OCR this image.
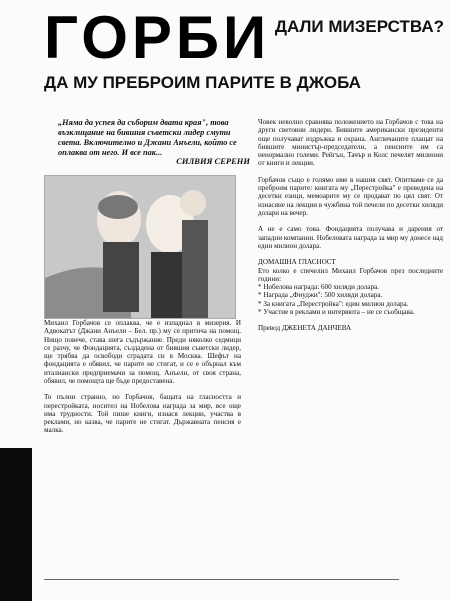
ГОРБИ ДАЛИ МИЗЕРСТВА?
ДА МУ ПРЕБРОИМ ПАРИТЕ В ДЖОБА
„Няма да успея да съборим двата края", това възклицание на бившия съветски лидер смути света. Включително и Джани Анъели, който се оплаква от него. И все пак...
СИЛВИЯ СЕРЕНИ
Михаил Горбачов се оплаква, че е изпаднал в мизерия. И Адвокатът (Джани Анъели – Бел. пр.) му се притича на помощ. Нищо повече, става шега съдържание. Преди няколко седмици се разчу, че Фондацията, създадена от бившия съветски лидер, ще трябва да освободи сградата си в Москва. Шефът на фондацията е обявил, че парите не стигат, и се е обърнал към италиански предприемачи за помощ. Анъели, от своя страна, обявил, че помощта ще бъде предоставена.

То пълни странно, но Горбачов, бащата на гласността и перестройката, носител на Нобелова награда за мир, все още има трудности. Той пише книги, изнася лекции, участва в реклами, но казва, че парите не стигат. Държавната пенсия е малка.
Човек неволно сравнява положението на Горбачов с това на други световни лидери. Бившите американски президенти още получават издръжка и охрана. Англичаните плащат на бившите министър-председатели, а пенсиите им са ненормално големи. Рейгън, Тачър и Колс печелят милиони от книги и лекции.

Горбачов също е голямо име в нашия свят. Опитваме се да преброим парите: книгата му „Перестройка" е преведена на десетки езици, мемоарите му се продават по цял свят. От изнасяне на лекции в чужбина той печели по десетки хиляди долари на вечер.

А не е само това. Фондацията получава и дарения от западни компании. Нобеловата награда за мир му донесе над един милион долара.

ДОМАШНА ГЛАСНОСТ
Ето колко е спечелил Михаил Горбачов през последните години:
* Нобелова награда: 600 хиляди долара.
* Награда „Фиуджи": 500 хиляди долара.
* За книгата „Перестройка": един милион долара.
* Участие в реклами и интервюта – не се съобщава.

Превод ДЖЕНЕТА ДАНЧЕВА
